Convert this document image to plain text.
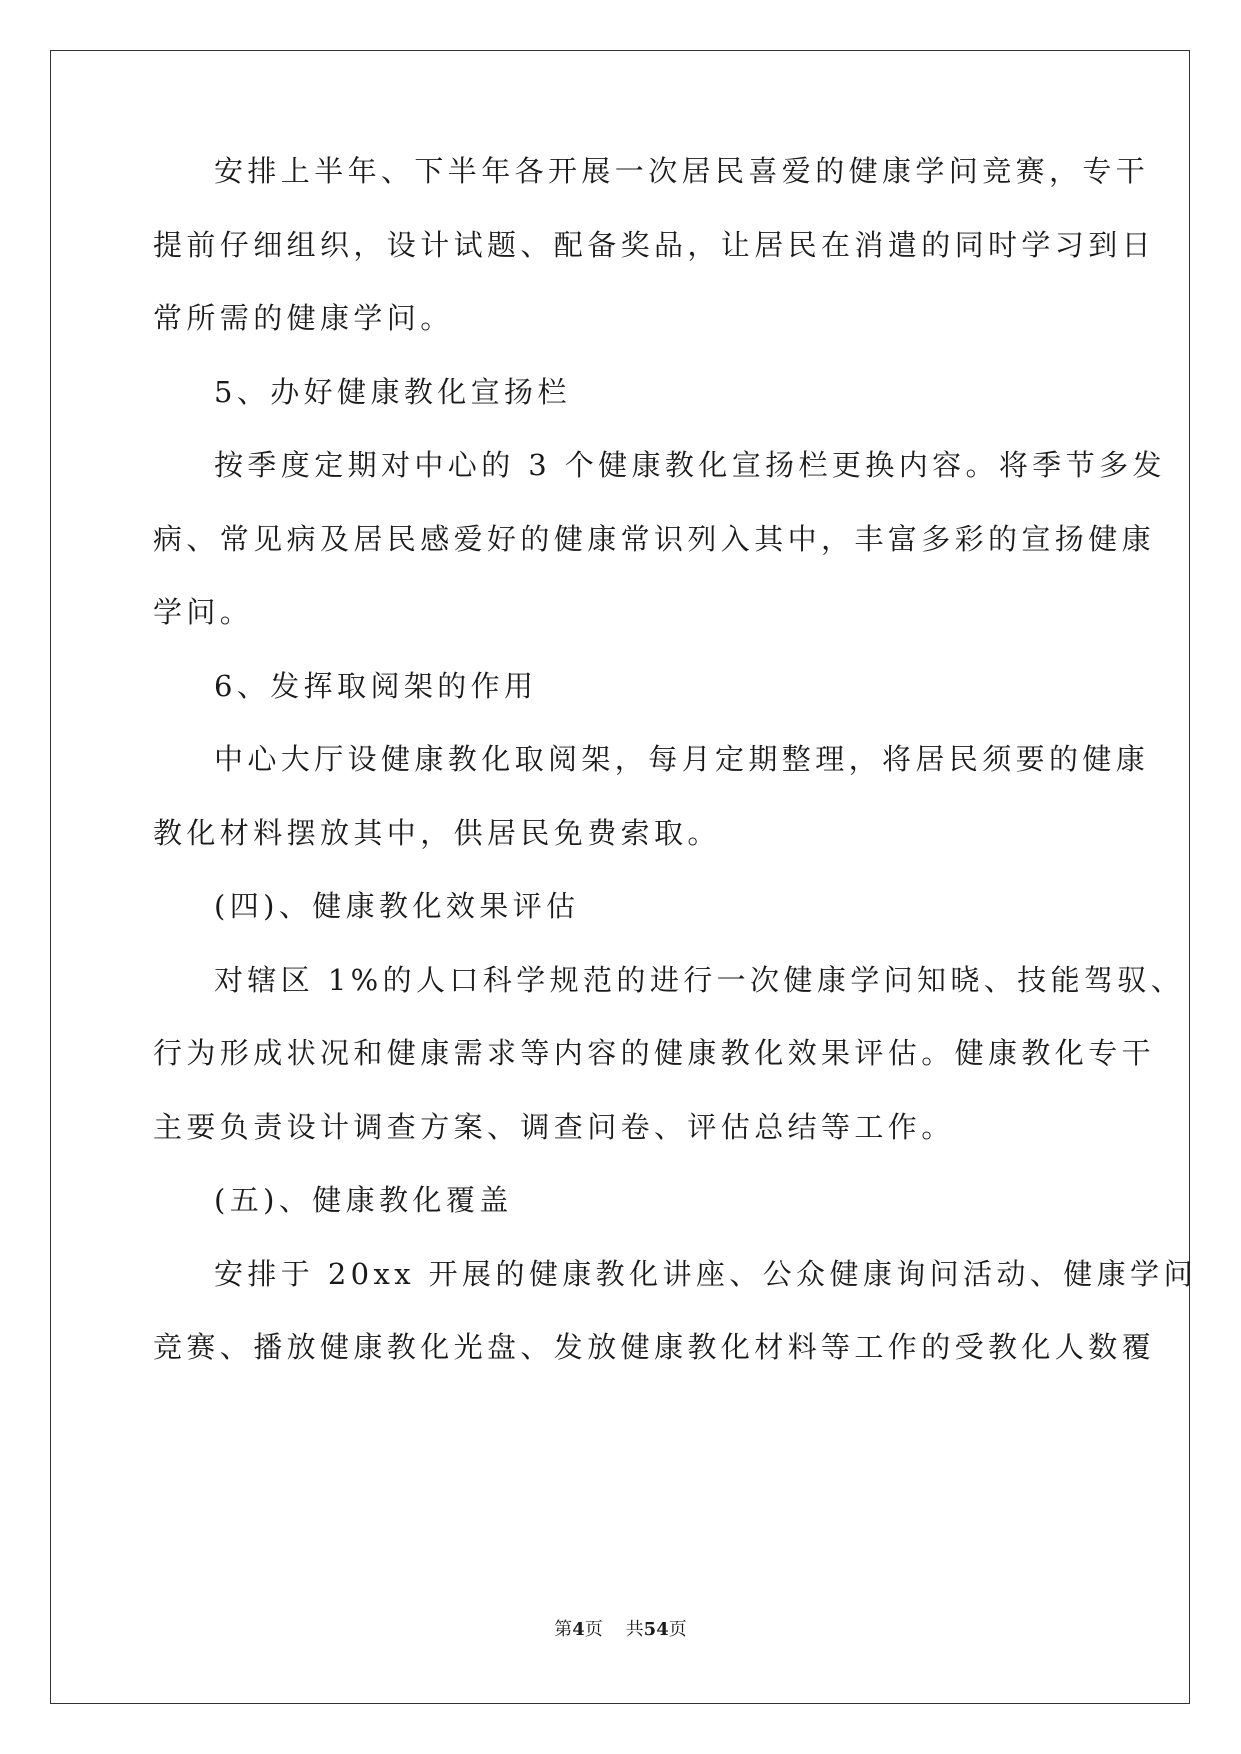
安排上半年、下半年各开展一次居民喜爱的健康学问竞赛，专干
提前仔细组织，设计试题、配备奖品，让居民在消遣的同时学习到日
常所需的健康学问。
5、办好健康教化宣扬栏
按季度定期对中心的 3 个健康教化宣扬栏更换内容。将季节多发
病、常见病及居民感爱好的健康常识列入其中，丰富多彩的宣扬健康
学问。
6、发挥取阅架的作用
中心大厅设健康教化取阅架，每月定期整理，将居民须要的健康
教化材料摆放其中，供居民免费索取。
(四)、健康教化效果评估
对辖区 1%的人口科学规范的进行一次健康学问知晓、技能驾驭、
行为形成状况和健康需求等内容的健康教化效果评估。健康教化专干
主要负责设计调查方案、调查问卷、评估总结等工作。
(五)、健康教化覆盖
安排于 20xx 开展的健康教化讲座、公众健康询问活动、健康学问
竞赛、播放健康教化光盘、发放健康教化材料等工作的受教化人数覆
第4页    共54页
